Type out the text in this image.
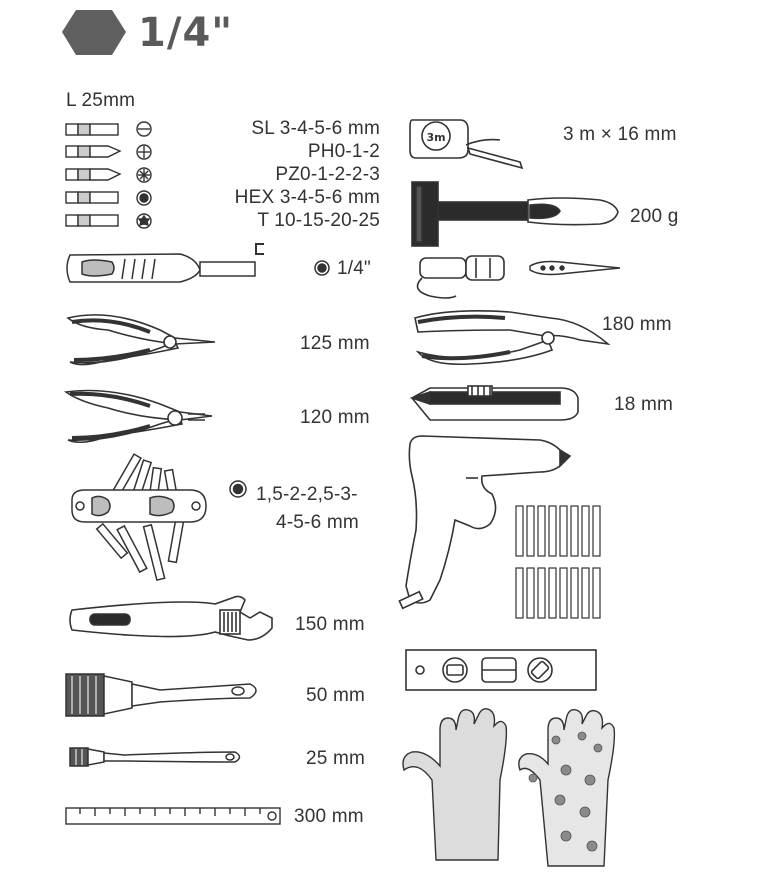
3m
1/4"
L 25mm
SL 3-4-5-6 mm
PH0-1-2
PZ0-1-2-2-3
HEX 3-4-5-6 mm
T 10-15-20-25
1/4"
125 mm
120 mm
1,5-2-2,5-3-
4-5-6 mm
150 mm
50 mm
25 mm
300 mm
3 m × 16 mm
200 g
180 mm
18 mm
